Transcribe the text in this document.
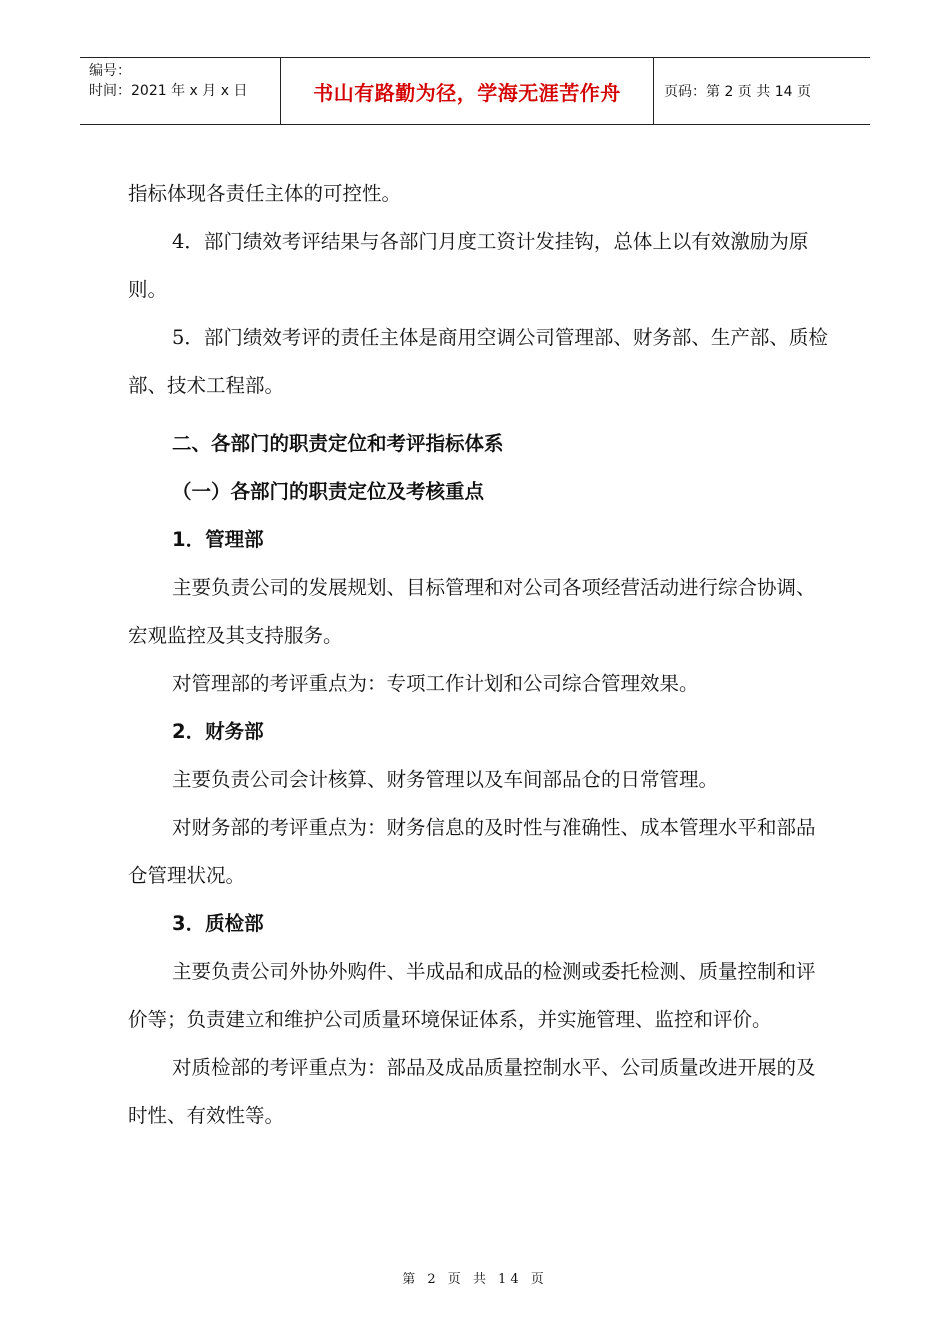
编号：
时间：2021 年 x 月 x 日	书山有路勤为径，学海无涯苦作舟	页码：第 2 页 共 14 页

指标体现各责任主体的可控性。

4．部门绩效考评结果与各部门月度工资计发挂钩，总体上以有效激励为原则。

5．部门绩效考评的责任主体是商用空调公司管理部、财务部、生产部、质检部、技术工程部。

二、各部门的职责定位和考评指标体系

（一）各部门的职责定位及考核重点

1．管理部

主要负责公司的发展规划、目标管理和对公司各项经营活动进行综合协调、宏观监控及其支持服务。

对管理部的考评重点为：专项工作计划和公司综合管理效果。

2．财务部

主要负责公司会计核算、财务管理以及车间部品仓的日常管理。

对财务部的考评重点为：财务信息的及时性与准确性、成本管理水平和部品仓管理状况。

3．质检部

主要负责公司外协外购件、半成品和成品的检测或委托检测、质量控制和评价等；负责建立和维护公司质量环境保证体系，并实施管理、监控和评价。

对质检部的考评重点为：部品及成品质量控制水平、公司质量改进开展的及时性、有效性等。

第 2 页 共 14 页
